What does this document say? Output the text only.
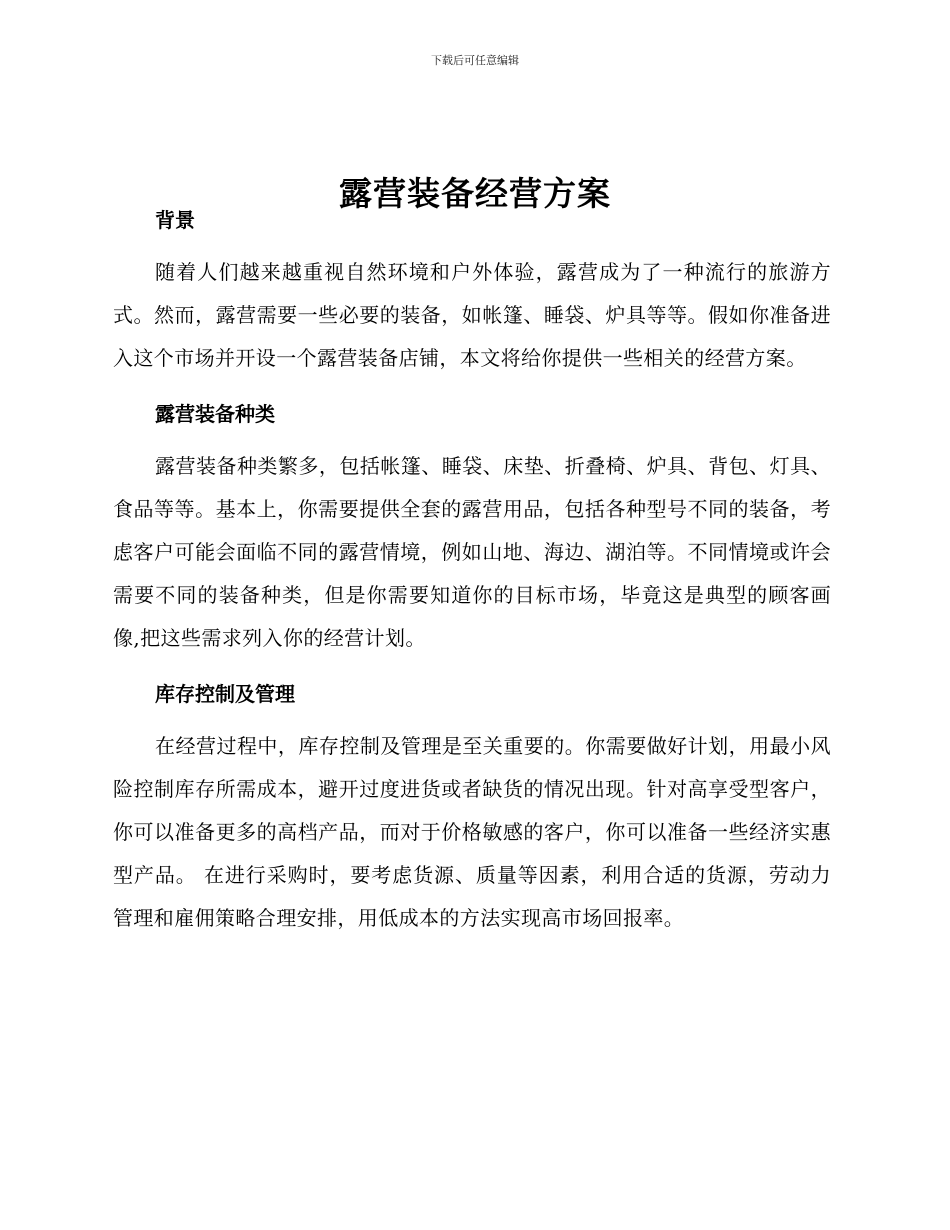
下载后可任意编辑
露营装备经营方案
背景

随着人们越来越重视自然环境和户外体验，露营成为了一种流行的旅游方式。然而，露营需要一些必要的装备，如帐篷、睡袋、炉具等等。假如你准备进入这个市场并开设一个露营装备店铺，本文将给你提供一些相关的经营方案。

露营装备种类

露营装备种类繁多，包括帐篷、睡袋、床垫、折叠椅、炉具、背包、灯具、食品等等。基本上，你需要提供全套的露营用品，包括各种型号不同的装备，考虑客户可能会面临不同的露营情境，例如山地、海边、湖泊等。不同情境或许会需要不同的装备种类，但是你需要知道你的目标市场，毕竟这是典型的顾客画像,把这些需求列入你的经营计划。

库存控制及管理

在经营过程中，库存控制及管理是至关重要的。你需要做好计划，用最小风险控制库存所需成本，避开过度进货或者缺货的情况出现。针对高享受型客户，你可以准备更多的高档产品，而对于价格敏感的客户，你可以准备一些经济实惠型产品。 在进行采购时，要考虑货源、质量等因素，利用合适的货源，劳动力管理和雇佣策略合理安排，用低成本的方法实现高市场回报率。
